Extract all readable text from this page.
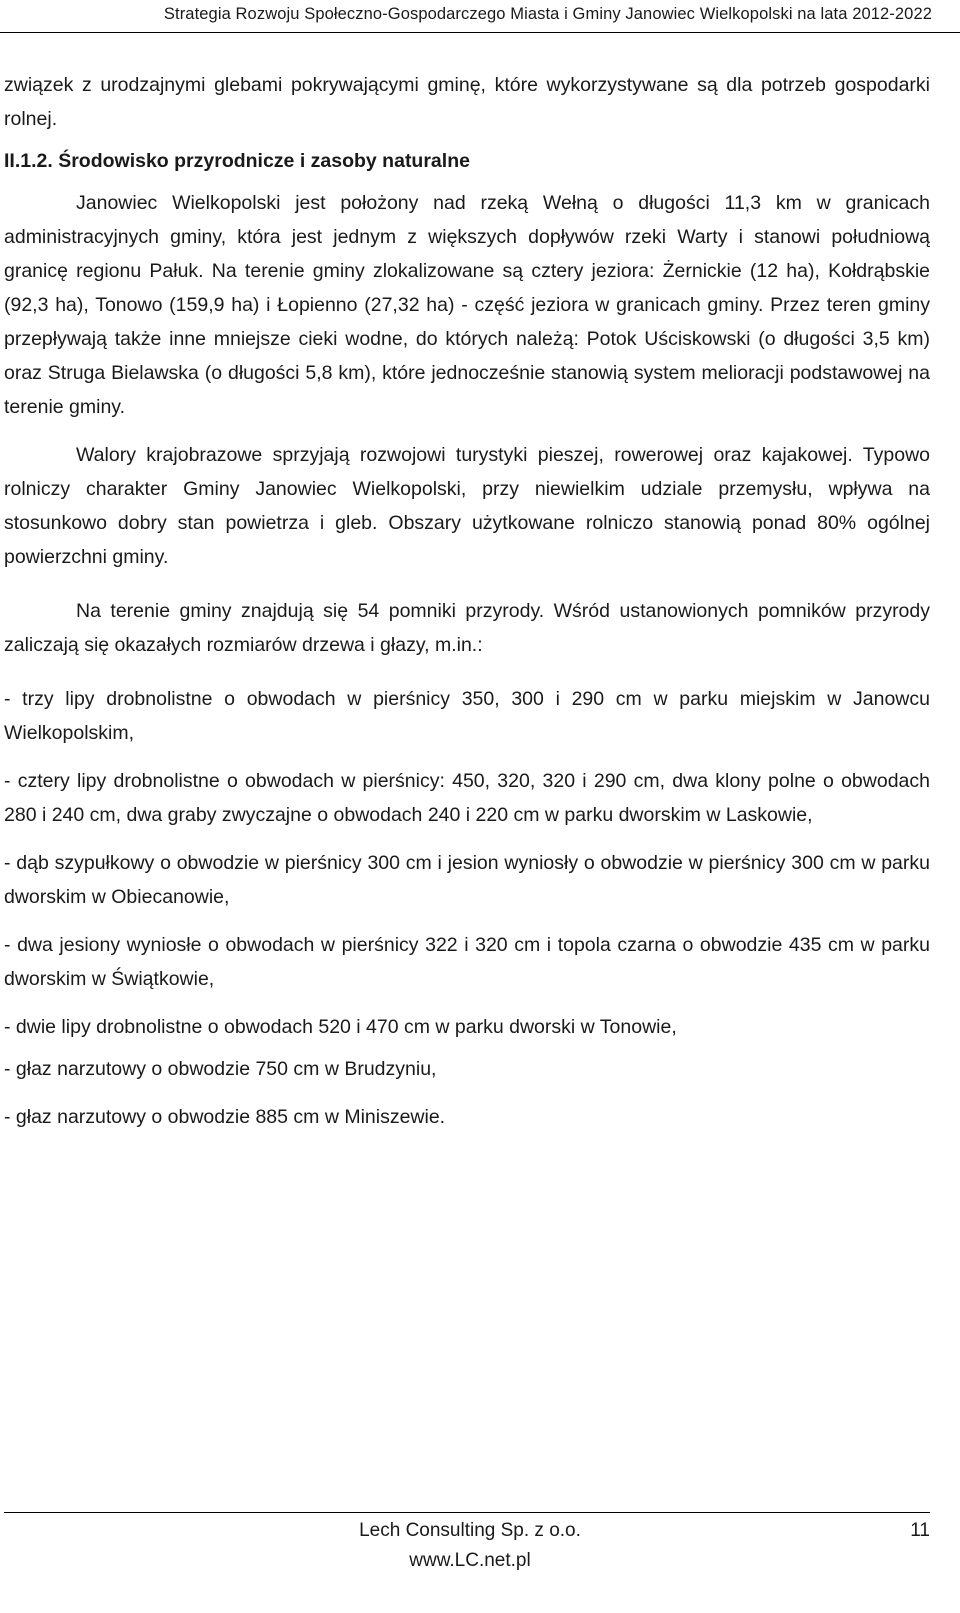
Strategia Rozwoju Społeczno-Gospodarczego Miasta i Gminy Janowiec Wielkopolski na lata 2012-2022

związek z urodzajnymi glebami pokrywającymi gminę, które wykorzystywane są dla potrzeb gospodarki rolnej.

II.1.2. Środowisko przyrodnicze i zasoby naturalne

Janowiec Wielkopolski jest położony nad rzeką Wełną o długości 11,3 km w granicach administracyjnych gminy, która jest jednym z większych dopływów rzeki Warty i stanowi południową granicę regionu Pałuk. Na terenie gminy zlokalizowane są cztery jeziora: Żernickie (12 ha), Kołdrąbskie (92,3 ha), Tonowo (159,9 ha) i Łopienno (27,32 ha) - część jeziora w granicach gminy. Przez teren gminy przepływają także inne mniejsze cieki wodne, do których należą: Potok Uściskowski (o długości 3,5 km) oraz Struga Bielawska (o długości 5,8 km), które jednocześnie stanowią system melioracji podstawowej na terenie gminy.

Walory krajobrazowe sprzyjają rozwojowi turystyki pieszej, rowerowej oraz kajakowej. Typowo rolniczy charakter Gminy Janowiec Wielkopolski, przy niewielkim udziale przemysłu, wpływa na stosunkowo dobry stan powietrza i gleb. Obszary użytkowane rolniczo stanowią ponad 80% ogólnej powierzchni gminy.

Na terenie gminy znajdują się 54 pomniki przyrody. Wśród ustanowionych pomników przyrody zaliczają się okazałych rozmiarów drzewa i głazy, m.in.:

- trzy lipy drobnolistne o obwodach w pierśnicy 350, 300 i 290 cm w parku miejskim w Janowcu Wielkopolskim,

- cztery lipy drobnolistne o obwodach w pierśnicy: 450, 320, 320 i 290 cm, dwa klony polne o obwodach 280 i 240 cm, dwa graby zwyczajne o obwodach 240 i 220 cm w parku dworskim w Laskowie,

- dąb szypułkowy o obwodzie w pierśnicy 300 cm i jesion wyniosły o obwodzie w pierśnicy 300 cm w parku dworskim w Obiecanowie,

- dwa jesiony wyniosłe o obwodach w pierśnicy 322 i 320 cm i topola czarna o obwodzie 435 cm w parku dworskim w Świątkowie,

- dwie lipy drobnolistne o obwodach 520 i 470 cm w parku dworski w Tonowie,

- głaz narzutowy o obwodzie 750 cm w Brudzyniu,

- głaz narzutowy o obwodzie 885 cm w Miniszewie.

Lech Consulting Sp. z o.o.	11
www.LC.net.pl
